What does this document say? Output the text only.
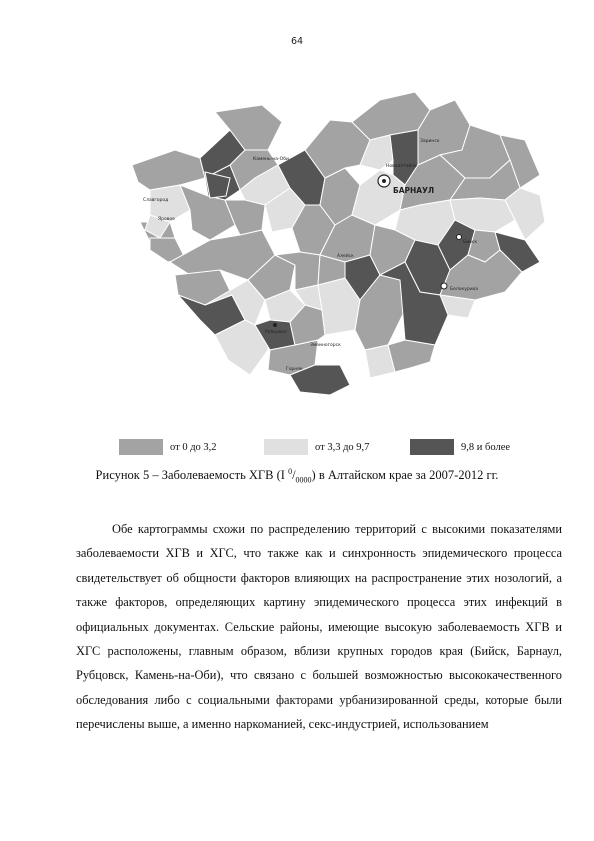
64
БАРНАУЛ
Славгород
Яровое
Заринск
Новоалтайск
Бийск
Белокуриха
Алейск
Рубцовск
Змеиногорск
Горняк
Камень-на-Оби
от 0 до 3,2	от 3,3 до 9,7	9,8 и более
Рисунок 5 – Заболеваемость ХГВ (I $^0/_{0000}$) в Алтайском крае за 2007-2012 гг.

Обе картограммы схожи по распределению территорий с высокими показателями заболеваемости ХГВ и ХГС, что также как и синхронность эпидемического процесса свидетельствует об общности факторов влияющих на распространение этих нозологий, а также факторов, определяющих картину эпидемического процесса этих инфекций в официальных документах. Сельские районы, имеющие высокую заболеваемость ХГВ и ХГС расположены, главным образом, вблизи крупных городов края (Бийск, Барнаул, Рубцовск, Камень-на-Оби), что связано с большей возможностью высококачественного обследования либо с социальными факторами урбанизированной среды, которые были перечислены выше, а именно наркоманией, секс-индустрией, использованием
